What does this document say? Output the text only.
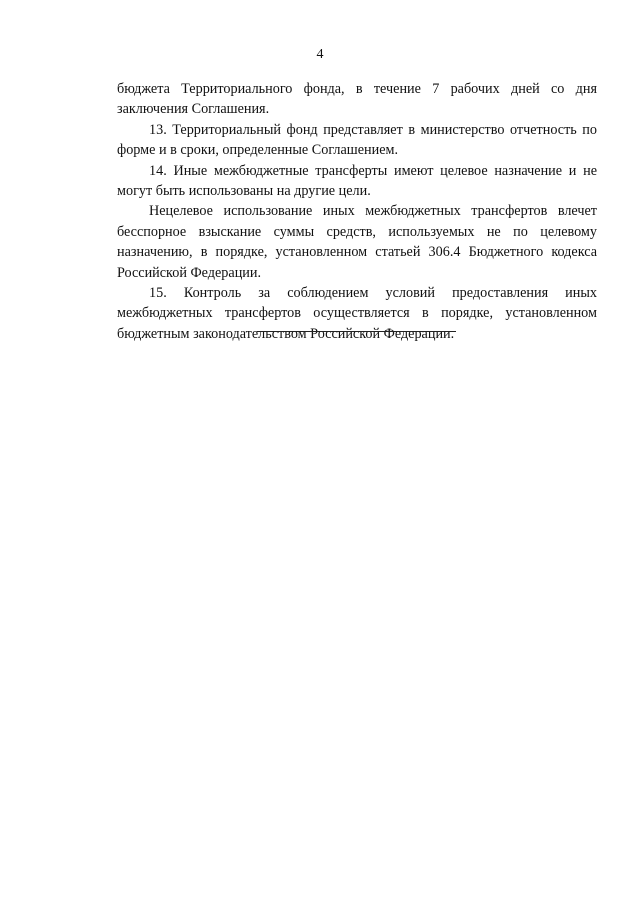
4

бюджета Территориального фонда, в течение 7 рабочих дней со дня заключения Соглашения.

13. Территориальный фонд представляет в министерство отчетность по форме и в сроки, определенные Соглашением.

14. Иные межбюджетные трансферты имеют целевое назначение и не могут быть использованы на другие цели.

Нецелевое использование иных межбюджетных трансфертов влечет бесспорное взыскание суммы средств, используемых не по целевому назначению, в порядке, установленном статьей 306.4 Бюджетного кодекса Российской Федерации.

15. Контроль за соблюдением условий предоставления иных межбюджетных трансфертов осуществляется в порядке, установленном бюджетным законодательством Российской Федерации.
